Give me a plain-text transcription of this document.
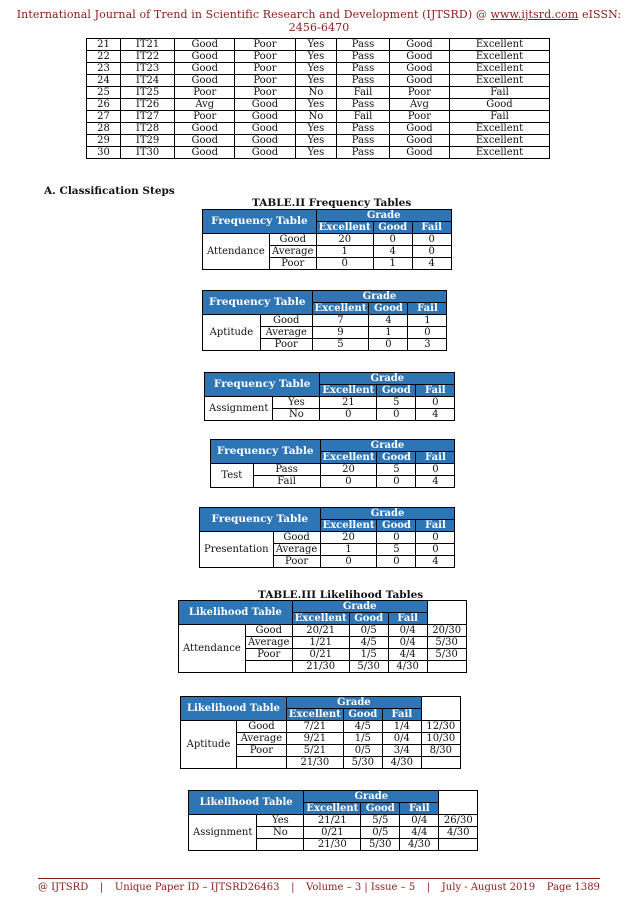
International Journal of Trend in Scientific Research and Development (IJTSRD) @ www.ijtsrd.com eISSN: 2456-6470
21	IT21	Good	Poor	Yes	Pass	Good	Excellent
22	IT22	Good	Poor	Yes	Pass	Good	Excellent
23	IT23	Good	Poor	Yes	Pass	Good	Excellent
24	IT24	Good	Poor	Yes	Pass	Good	Excellent
25	IT25	Poor	Poor	No	Fail	Poor	Fail
26	IT26	Avg	Good	Yes	Pass	Avg	Good
27	IT27	Poor	Good	No	Fail	Poor	Fail
28	IT28	Good	Good	Yes	Pass	Good	Excellent
29	IT29	Good	Good	Yes	Pass	Good	Excellent
30	IT30	Good	Good	Yes	Pass	Good	Excellent
A. Classification Steps
TABLE.II Frequency Tables
Frequency Table		Grade		
		Excellent	Good	Fail
Attendance	Good	20	0	0
	Average	1	4	0
	Poor	0	1	4
Frequency Table		Grade		
		Excellent	Good	Fail
Aptitude	Good	7	4	1
	Average	9	1	0
	Poor	5	0	3
Frequency Table		Grade		
		Excellent	Good	Fail
Assignment	Yes	21	5	0
	No	0	0	4
Frequency Table		Grade		
		Excellent	Good	Fail
Test	Pass	20	5	0
	Fail	0	0	4
Frequency Table		Grade		
		Excellent	Good	Fail
Presentation	Good	20	0	0
	Average	1	5	0
	Poor	0	0	4
TABLE.III Likelihood Tables
Likelihood Table		Grade			
		Excellent	Good	Fail	
Attendance	Good	20/21	0/5	0/4	20/30
	Average	1/21	4/5	0/4	5/30
	Poor	0/21	1/5	4/4	5/30
		21/30	5/30	4/30	
Likelihood Table		Grade			
		Excellent	Good	Fail	
Aptitude	Good	7/21	4/5	1/4	12/30
	Average	9/21	1/5	0/4	10/30
	Poor	5/21	0/5	3/4	8/30
		21/30	5/30	4/30	
Likelihood Table		Grade			
		Excellent	Good	Fail	
Assignment	Yes	21/21	5/5	0/4	26/30
	No	0/21	0/5	4/4	4/30
		21/30	5/30	4/30	
@ IJTSRD | Unique Paper ID – IJTSRD26463 | Volume – 3 | Issue – 5 | July - August 2019 Page 1389
